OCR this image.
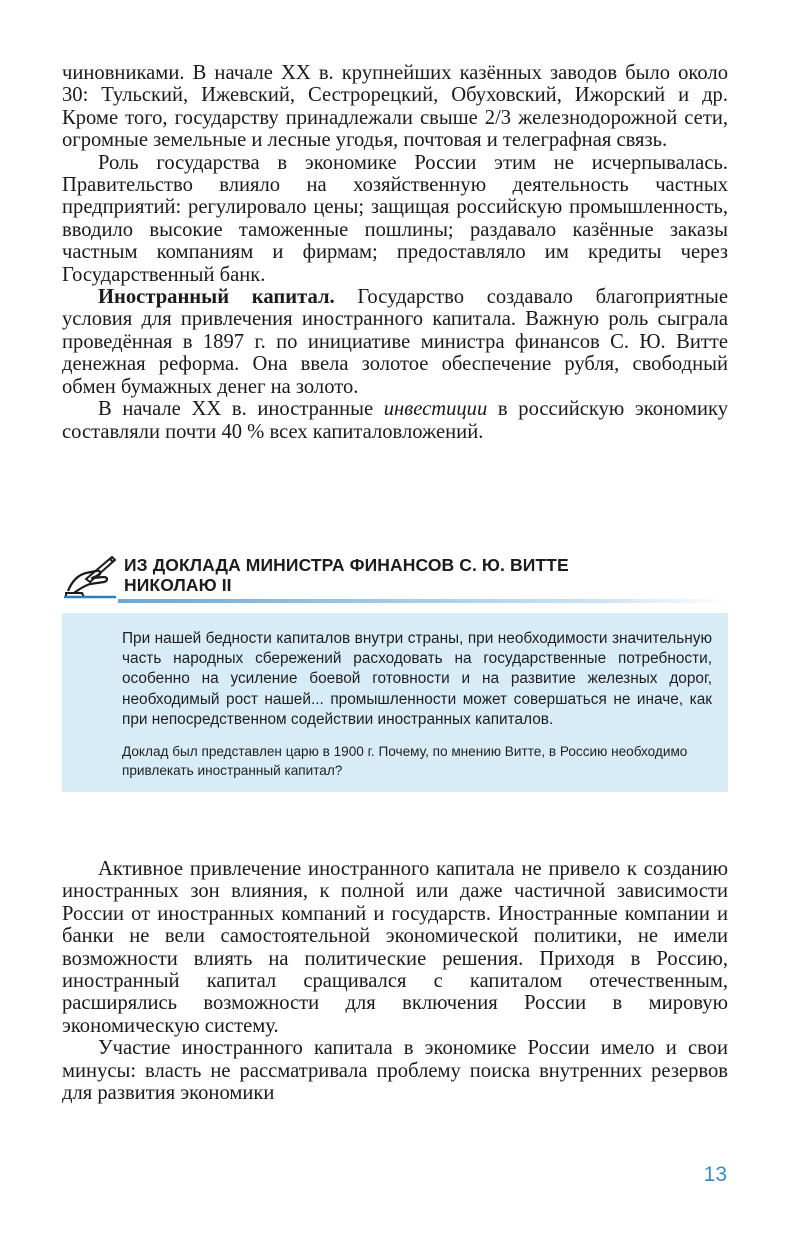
чиновниками. В начале XX в. крупнейших казённых заводов было около 30: Тульский, Ижевский, Сестрорецкий, Обуховский, Ижорский и др. Кроме того, государству принадлежали свыше 2/3 железнодорожной сети, огромные земельные и лесные угодья, почтовая и телеграфная связь.

Роль государства в экономике России этим не исчерпывалась. Правительство влияло на хозяйственную деятельность частных предприятий: регулировало цены; защищая российскую промышленность, вводило высокие таможенные пошлины; раздавало казённые заказы частным компаниям и фирмам; предоставляло им кредиты через Государственный банк.

Иностранный капитал. Государство создавало благоприятные условия для привлечения иностранного капитала. Важную роль сыграла проведённая в 1897 г. по инициативе министра финансов С. Ю. Витте денежная реформа. Она ввела золотое обеспечение рубля, свободный обмен бумажных денег на золото.

В начале XX в. иностранные инвестиции в российскую экономику составляли почти 40 % всех капиталовложений.

ИЗ ДОКЛАДА МИНИСТРА ФИНАНСОВ С. Ю. ВИТТЕ
НИКОЛАЮ II

При нашей бедности капиталов внутри страны, при необходимости значительную часть народных сбережений расходовать на государственные потребности, особенно на усиление боевой готовности и на развитие железных дорог, необходимый рост нашей... промышленности может совершаться не иначе, как при непосредственном содействии иностранных капиталов.

Доклад был представлен царю в 1900 г. Почему, по мнению Витте, в Россию необходимо привлекать иностранный капитал?

Активное привлечение иностранного капитала не привело к созданию иностранных зон влияния, к полной или даже частичной зависимости России от иностранных компаний и государств. Иностранные компании и банки не вели самостоятельной экономической политики, не имели возможности влиять на политические решения. Приходя в Россию, иностранный капитал сращивался с капиталом отечественным, расширялись возможности для включения России в мировую экономическую систему.

Участие иностранного капитала в экономике России имело и свои минусы: власть не рассматривала проблему поиска внутренних резервов для развития экономики

13
